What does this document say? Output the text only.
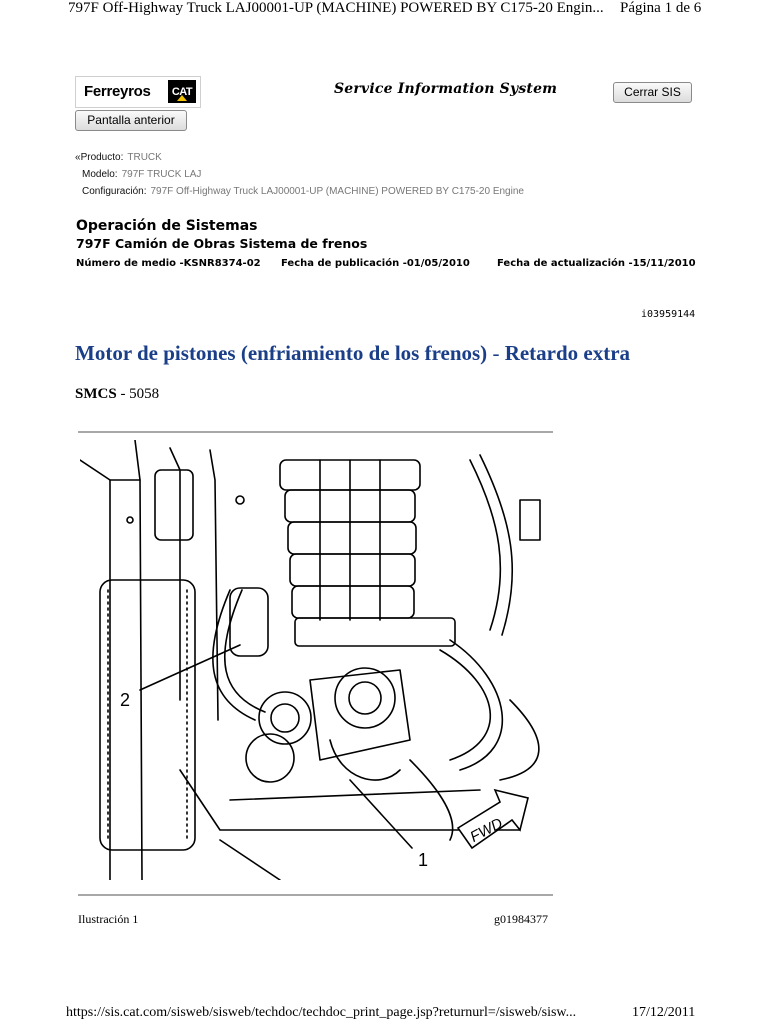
797F Off-Highway Truck LAJ00001-UP (MACHINE) POWERED BY C175-20 Engin... Página 1 de 6
Ferreyros	CAT	Service Information System	Cerrar SIS
Pantalla anterior
«Producto: TRUCK
Modelo: 797F TRUCK LAJ
Configuración: 797F Off-Highway Truck LAJ00001-UP (MACHINE) POWERED BY C175-20 Engine
Operación de Sistemas
797F Camión de Obras Sistema de frenos
Número de medio -KSNR8374-02 Fecha de publicación -01/05/2010	Fecha de actualización -15/11/2010
i03959144
Motor de pistones (enfriamiento de los frenos) - Retardo extra
SMCS - 5058
2
1
FWD
Ilustración 1	g01984377
https://sis.cat.com/sisweb/sisweb/techdoc/techdoc_print_page.jsp?returnurl=/sisweb/sisw...	17/12/2011
